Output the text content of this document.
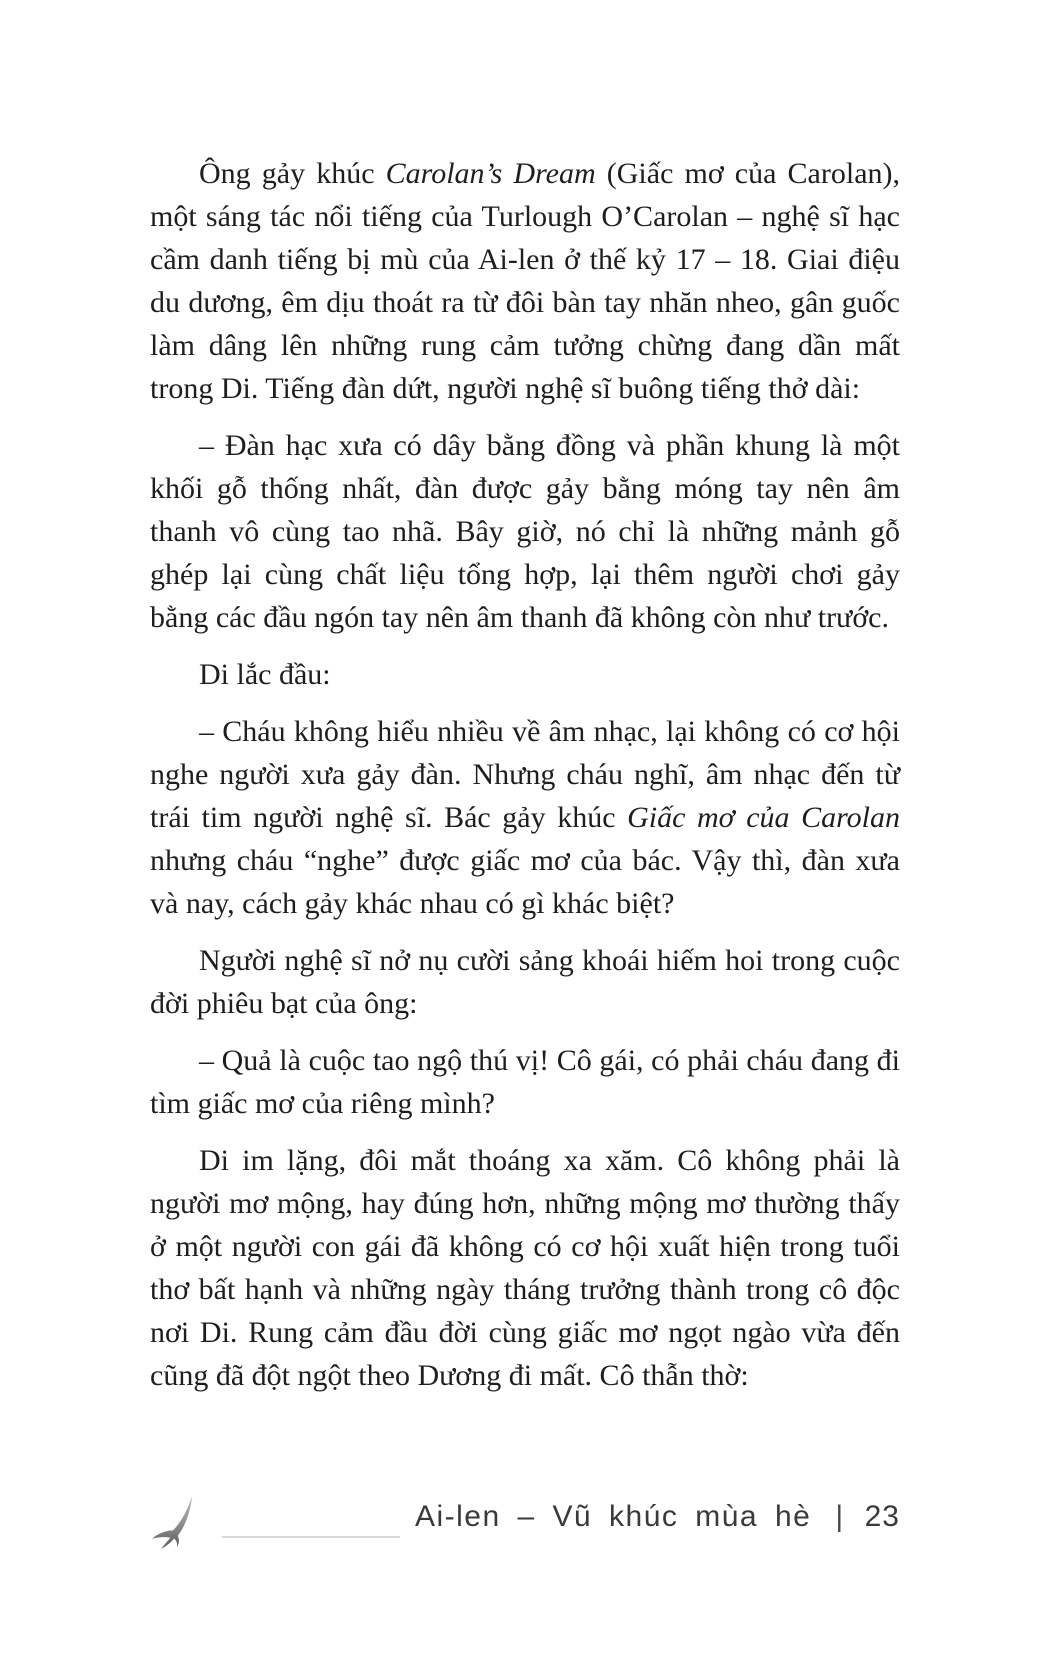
Ông gảy khúc Carolan’s Dream (Giấc mơ của Carolan), một sáng tác nổi tiếng của Turlough O’Carolan – nghệ sĩ hạc cầm danh tiếng bị mù của Ai-len ở thế kỷ 17 – 18. Giai điệu du dương, êm dịu thoát ra từ đôi bàn tay nhăn nheo, gân guốc làm dâng lên những rung cảm tưởng chừng đang dần mất trong Di. Tiếng đàn dứt, người nghệ sĩ buông tiếng thở dài:

– Đàn hạc xưa có dây bằng đồng và phần khung là một khối gỗ thống nhất, đàn được gảy bằng móng tay nên âm thanh vô cùng tao nhã. Bây giờ, nó chỉ là những mảnh gỗ ghép lại cùng chất liệu tổng hợp, lại thêm người chơi gảy bằng các đầu ngón tay nên âm thanh đã không còn như trước.

Di lắc đầu:

– Cháu không hiểu nhiều về âm nhạc, lại không có cơ hội nghe người xưa gảy đàn. Nhưng cháu nghĩ, âm nhạc đến từ trái tim người nghệ sĩ. Bác gảy khúc Giấc mơ của Carolan nhưng cháu “nghe” được giấc mơ của bác. Vậy thì, đàn xưa và nay, cách gảy khác nhau có gì khác biệt?

Người nghệ sĩ nở nụ cười sảng khoái hiếm hoi trong cuộc đời phiêu bạt của ông:

– Quả là cuộc tao ngộ thú vị! Cô gái, có phải cháu đang đi tìm giấc mơ của riêng mình?

Di im lặng, đôi mắt thoáng xa xăm. Cô không phải là người mơ mộng, hay đúng hơn, những mộng mơ thường thấy ở một người con gái đã không có cơ hội xuất hiện trong tuổi thơ bất hạnh và những ngày tháng trưởng thành trong cô độc nơi Di. Rung cảm đầu đời cùng giấc mơ ngọt ngào vừa đến cũng đã đột ngột theo Dương đi mất. Cô thẫn thờ:

Ai-len – Vũ khúc mùa hè | 23
